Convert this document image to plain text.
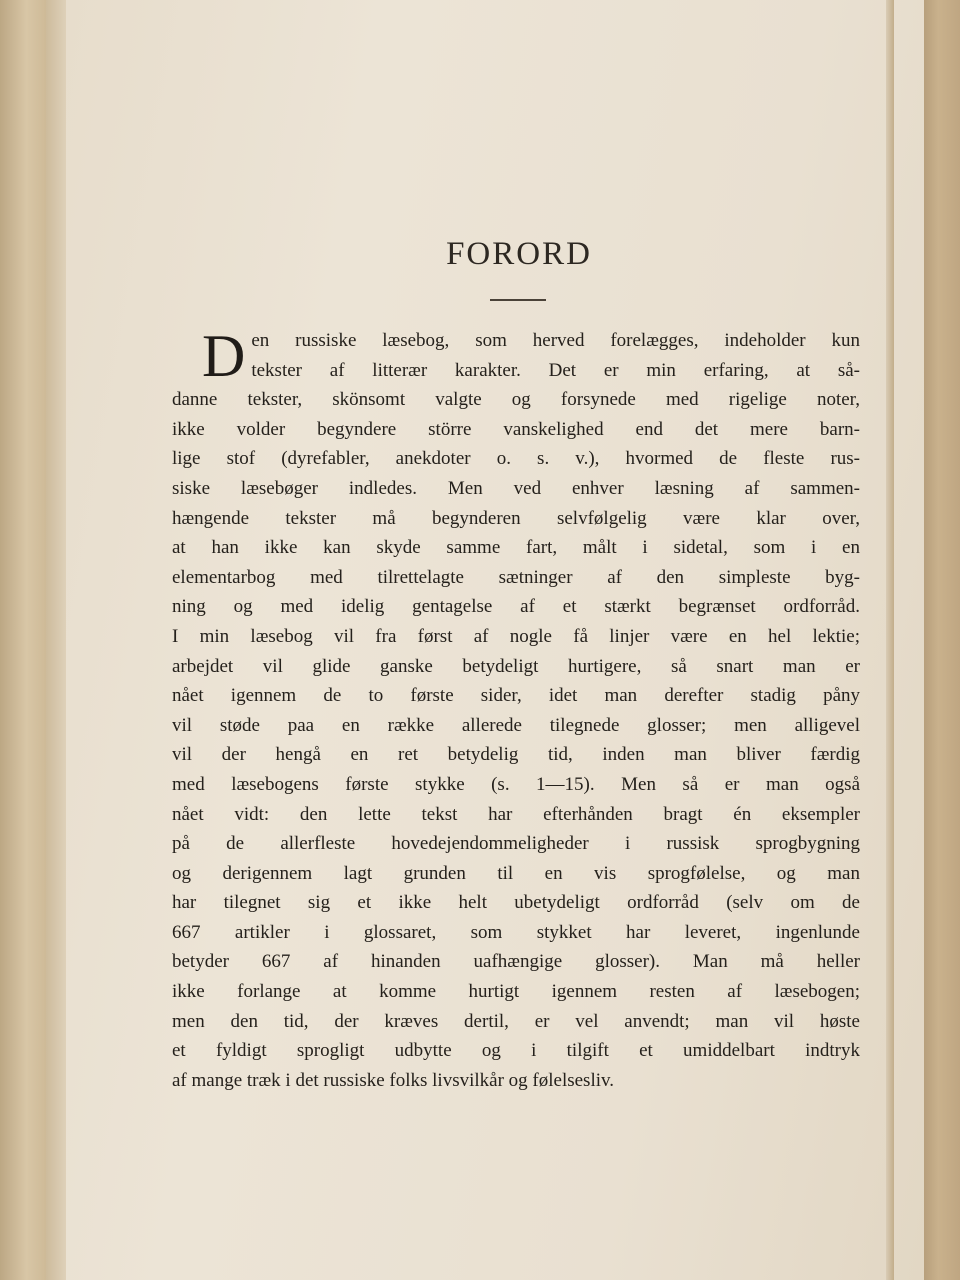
FORORD
D en russiske læsebog, som herved forelægges, indeholder kun
tekster af litterær karakter. Det er min erfaring, at så-
danne tekster, skönsomt valgte og forsynede med rigelige noter,
ikke volder begyndere större vanskelighed end det mere barn-
lige stof (dyrefabler, anekdoter o. s. v.), hvormed de fleste rus-
siske læsebøger indledes. Men ved enhver læsning af sammen-
hængende tekster må begynderen selvfølgelig være klar over,
at han ikke kan skyde samme fart, målt i sidetal, som i en
elementarbog med tilrettelagte sætninger af den simpleste byg-
ning og med idelig gentagelse af et stærkt begrænset ordforråd.
I min læsebog vil fra først af nogle få linjer være en hel lektie;
arbejdet vil glide ganske betydeligt hurtigere, så snart man er
nået igennem de to første sider, idet man derefter stadig påny
vil støde paa en række allerede tilegnede glosser; men alligevel
vil der hengå en ret betydelig tid, inden man bliver færdig
med læsebogens første stykke (s. 1—15). Men så er man også
nået vidt: den lette tekst har efterhånden bragt én eksempler
på de allerfleste hovedejendommeligheder i russisk sprogbygning
og derigennem lagt grunden til en vis sprogfølelse, og man
har tilegnet sig et ikke helt ubetydeligt ordforråd (selv om de
667 artikler i glossaret, som stykket har leveret, ingenlunde
betyder 667 af hinanden uafhængige glosser). Man må heller
ikke forlange at komme hurtigt igennem resten af læsebogen;
men den tid, der kræves dertil, er vel anvendt; man vil høste
et fyldigt sprogligt udbytte og i tilgift et umiddelbart indtryk
af mange træk i det russiske folks livsvilkår og følelsesliv.
